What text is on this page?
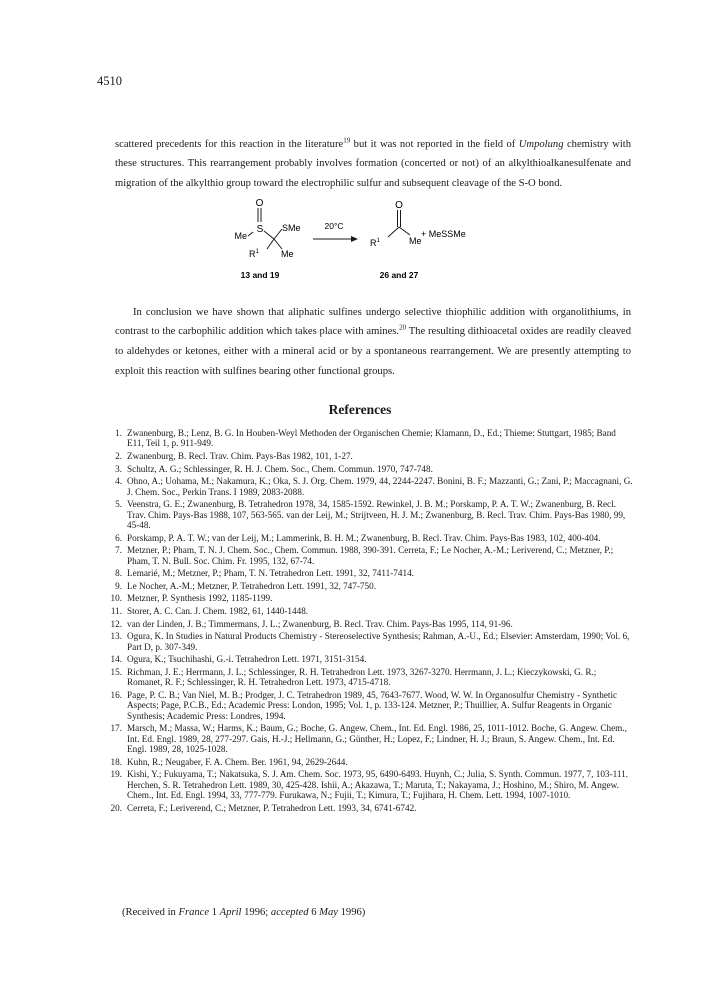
4510

scattered precedents for this reaction in the literature$^{19}$ but it was not reported in the field of Umpolung chemistry with these structures. This rearrangement probably involves formation (concerted or not) of an alkylthioalkanesulfenate and migration of the alkylthio group toward the electrophilic sulfur and subsequent cleavage of the S-O bond.

O
S SMe
Me
$R^1$ Me
20°C
O
$R^1$	Me
+ MeSSMe
13 and 19	26 and 27

In conclusion we have shown that aliphatic sulfines undergo selective thiophilic addition with organolithiums, in contrast to the carbophilic addition which takes place with amines.$^{20}$ The resulting dithioacetal oxides are readily cleaved to aldehydes or ketones, either with a mineral acid or by a spontaneous rearrangement. We are presently attempting to exploit this reaction with sulfines bearing other functional groups.

References
1. Zwanenburg, B.; Lenz, B. G. In Houben-Weyl Methoden der Organischen Chemie; Klamann, D., Ed.; Thieme: Stuttgart, 1985; Band E11, Teil 1, p. 911-949.
2. Zwanenburg, B. Recl. Trav. Chim. Pays-Bas 1982, 101, 1-27.
3. Schultz, A. G.; Schlessinger, R. H. J. Chem. Soc., Chem. Commun. 1970, 747-748.
4. Ohno, A.; Uohama, M.; Nakamura, K.; Oka, S. J. Org. Chem. 1979, 44, 2244-2247. Bonini, B. F.; Mazzanti, G.; Zani, P.; Maccagnani, G. J. Chem. Soc., Perkin Trans. I 1989, 2083-2088.
5. Veenstra, G. E.; Zwanenburg, B. Tetrahedron 1978, 34, 1585-1592. Rewinkel, J. B. M.; Porskamp, P. A. T. W.; Zwanenburg, B. Recl. Trav. Chim. Pays-Bas 1988, 107, 563-565. van der Leij, M.; Strijtveen, H. J. M.; Zwanenburg, B. Recl. Trav. Chim. Pays-Bas 1980, 99, 45-48.
6. Porskamp, P. A. T. W.; van der Leij, M.; Lammerink, B. H. M.; Zwanenburg, B. Recl. Trav. Chim. Pays-Bas 1983, 102, 400-404.
7. Metzner, P.; Pham, T. N. J. Chem. Soc., Chem. Commun. 1988, 390-391. Cerreta, F.; Le Nocher, A.-M.; Leriverend, C.; Metzner, P.; Pham, T. N. Bull. Soc. Chim. Fr. 1995, 132, 67-74.
8. Lemarié, M.; Metzner, P.; Pham, T. N. Tetrahedron Lett. 1991, 32, 7411-7414.
9. Le Nocher, A.-M.; Metzner, P. Tetrahedron Lett. 1991, 32, 747-750.
10. Metzner, P. Synthesis 1992, 1185-1199.
11. Storer, A. C. Can. J. Chem. 1982, 61, 1440-1448.
12. van der Linden, J. B.; Timmermans, J. L.; Zwanenburg, B. Recl. Trav. Chim. Pays-Bas 1995, 114, 91-96.
13. Ogura, K. In Studies in Natural Products Chemistry - Stereoselective Synthesis; Rahman, A.-U., Ed.; Elsevier: Amsterdam, 1990; Vol. 6, Part D, p. 307-349.
14. Ogura, K.; Tsuchihashi, G.-i. Tetrahedron Lett. 1971, 3151-3154.
15. Richman, J. E.; Herrmann, J. L.; Schlessinger, R. H. Tetrahedron Lett. 1973, 3267-3270. Herrmann, J. L.; Kieczykowski, G. R.; Romanet, R. F.; Schlessinger, R. H. Tetrahedron Lett. 1973, 4715-4718.
16. Page, P. C. B.; Van Niel, M. B.; Prodger, J. C. Tetrahedron 1989, 45, 7643-7677. Wood, W. W. In Organosulfur Chemistry - Synthetic Aspects; Page, P.C.B., Ed.; Academic Press: London, 1995; Vol. 1, p. 133-124. Metzner, P.; Thuillier, A. Sulfur Reagents in Organic Synthesis; Academic Press: Londres, 1994.
17. Marsch, M.; Massa, W.; Harms, K.; Baum, G.; Boche, G. Angew. Chem., Int. Ed. Engl. 1986, 25, 1011-1012. Boche, G. Angew. Chem., Int. Ed. Engl. 1989, 28, 277-297. Gais, H.-J.; Hellmann, G.; Günther, H.; Lopez, F.; Lindner, H. J.; Braun, S. Angew. Chem., Int. Ed. Engl. 1989, 28, 1025-1028.
18. Kuhn, R.; Neugaber, F. A. Chem. Ber. 1961, 94, 2629-2644.
19. Kishi, Y.; Fukuyama, T.; Nakatsuka, S. J. Am. Chem. Soc. 1973, 95, 6490-6493. Huynh, C.; Julia, S. Synth. Commun. 1977, 7, 103-111. Herchen, S. R. Tetrahedron Lett. 1989, 30, 425-428. Ishii, A.; Akazawa, T.; Maruta, T.; Nakayama, J.; Hoshino, M.; Shiro, M. Angew. Chem., Int. Ed. Engl. 1994, 33, 777-779. Furukawa, N.; Fujii, T.; Kimura, T.; Fujihara, H. Chem. Lett. 1994, 1007-1010.
20. Cerreta, F.; Leriverend, C.; Metzner, P. Tetrahedron Lett. 1993, 34, 6741-6742.
(Received in France 1 April 1996; accepted 6 May 1996)
